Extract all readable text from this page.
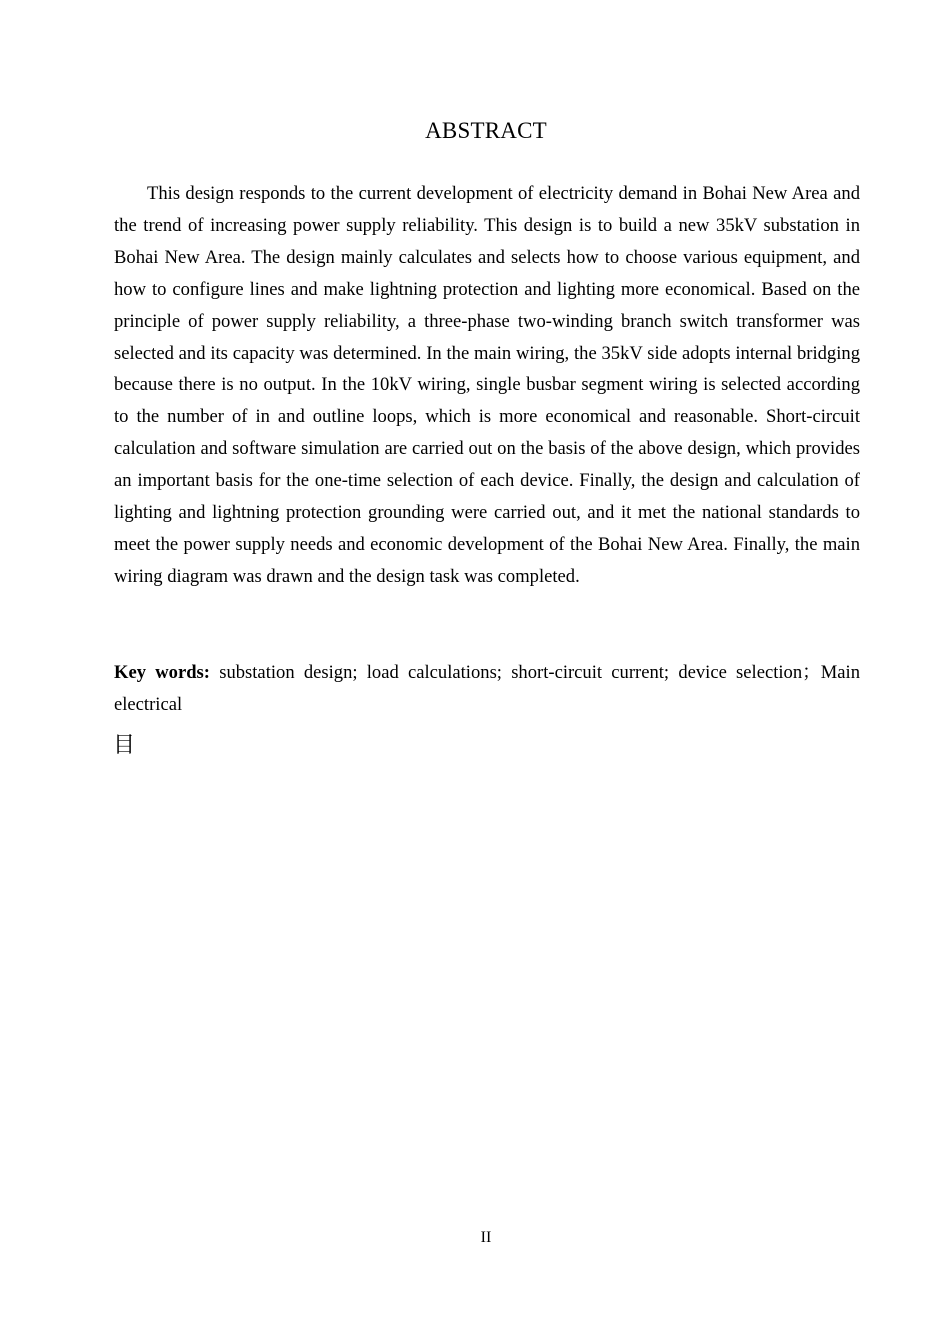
ABSTRACT

This design responds to the current development of electricity demand in Bohai New Area and the trend of increasing power supply reliability. This design is to build a new 35kV substation in Bohai New Area. The design mainly calculates and selects how to choose various equipment, and how to configure lines and make lightning protection and lighting more economical. Based on the principle of power supply reliability, a three-phase two-winding branch switch transformer was selected and its capacity was determined. In the main wiring, the 35kV side adopts internal bridging because there is no output. In the 10kV wiring, single busbar segment wiring is selected according to the number of in and outline loops, which is more economical and reasonable. Short-circuit calculation and software simulation are carried out on the basis of the above design, which provides an important basis for the one-time selection of each device. Finally, the design and calculation of lighting and lightning protection grounding were carried out, and it met the national standards to meet the power supply needs and economic development of the Bohai New Area. Finally, the main wiring diagram was drawn and the design task was completed.

Key words: substation design; load calculations; short-circuit current; device selection；Main electrical

目
II
